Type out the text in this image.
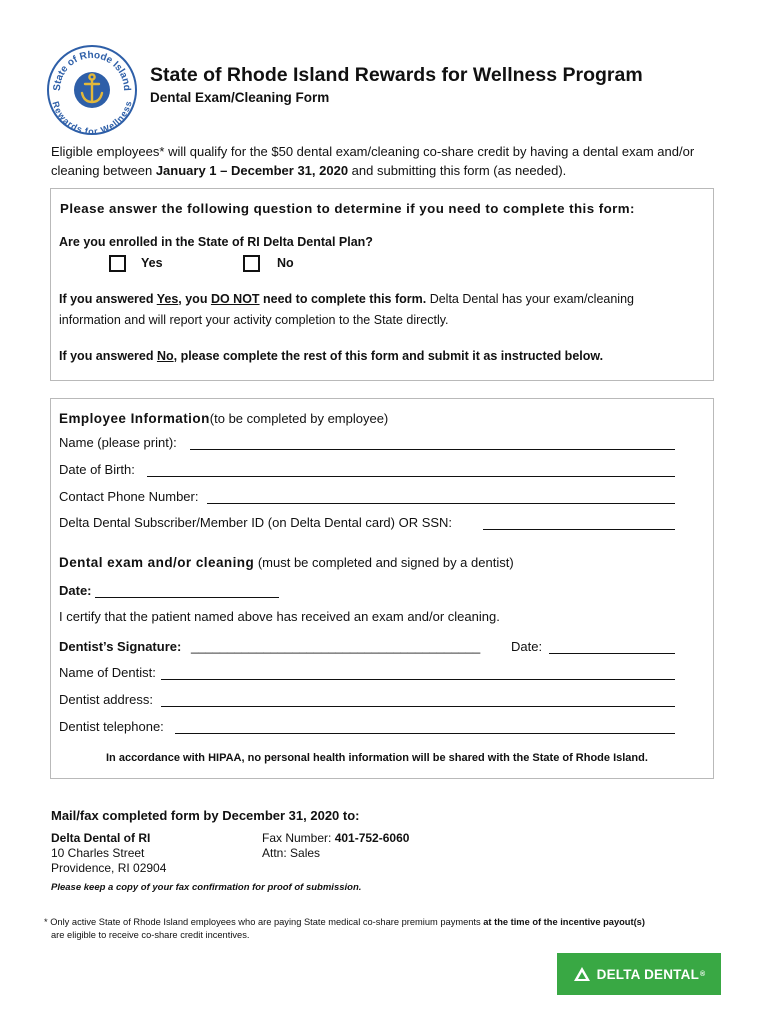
State of Rhode Island
Rewards for Wellness
State of Rhode Island Rewards for Wellness Program
Dental Exam/Cleaning Form
Eligible employees* will qualify for the $50 dental exam/cleaning co-share credit by having a dental exam and/or cleaning between January 1 – December 31, 2020 and submitting this form (as needed).
Please answer the following question to determine if you need to complete this form:
Are you enrolled in the State of RI Delta Dental Plan?
Yes	No
If you answered Yes, you DO NOT need to complete this form. Delta Dental has your exam/cleaning
information and will report your activity completion to the State directly.
If you answered No, please complete the rest of this form and submit it as instructed below.
Employee Information(to be completed by employee)
Name (please print):
Date of Birth:
Contact Phone Number:
Delta Dental Subscriber/Member ID (on Delta Dental card) OR SSN:
Dental exam and/or cleaning (must be completed and signed by a dentist)
Date:
I certify that the patient named above has received an exam and/or cleaning.
Dentist’s Signature: ________________________________________ Date:
Name of Dentist:
Dentist address:
Dentist telephone:
In accordance with HIPAA, no personal health information will be shared with the State of Rhode Island.
Mail/fax completed form by December 31, 2020 to:
Delta Dental of RI
10 Charles Street
Providence, RI 02904
Fax Number: 401-752-6060
Attn: Sales
Please keep a copy of your fax confirmation for proof of submission.
* Only active State of Rhode Island employees who are paying State medical co-share premium payments at the time of the incentive payout(s)
are eligible to receive co-share credit incentives.
DELTA DENTAL ®
